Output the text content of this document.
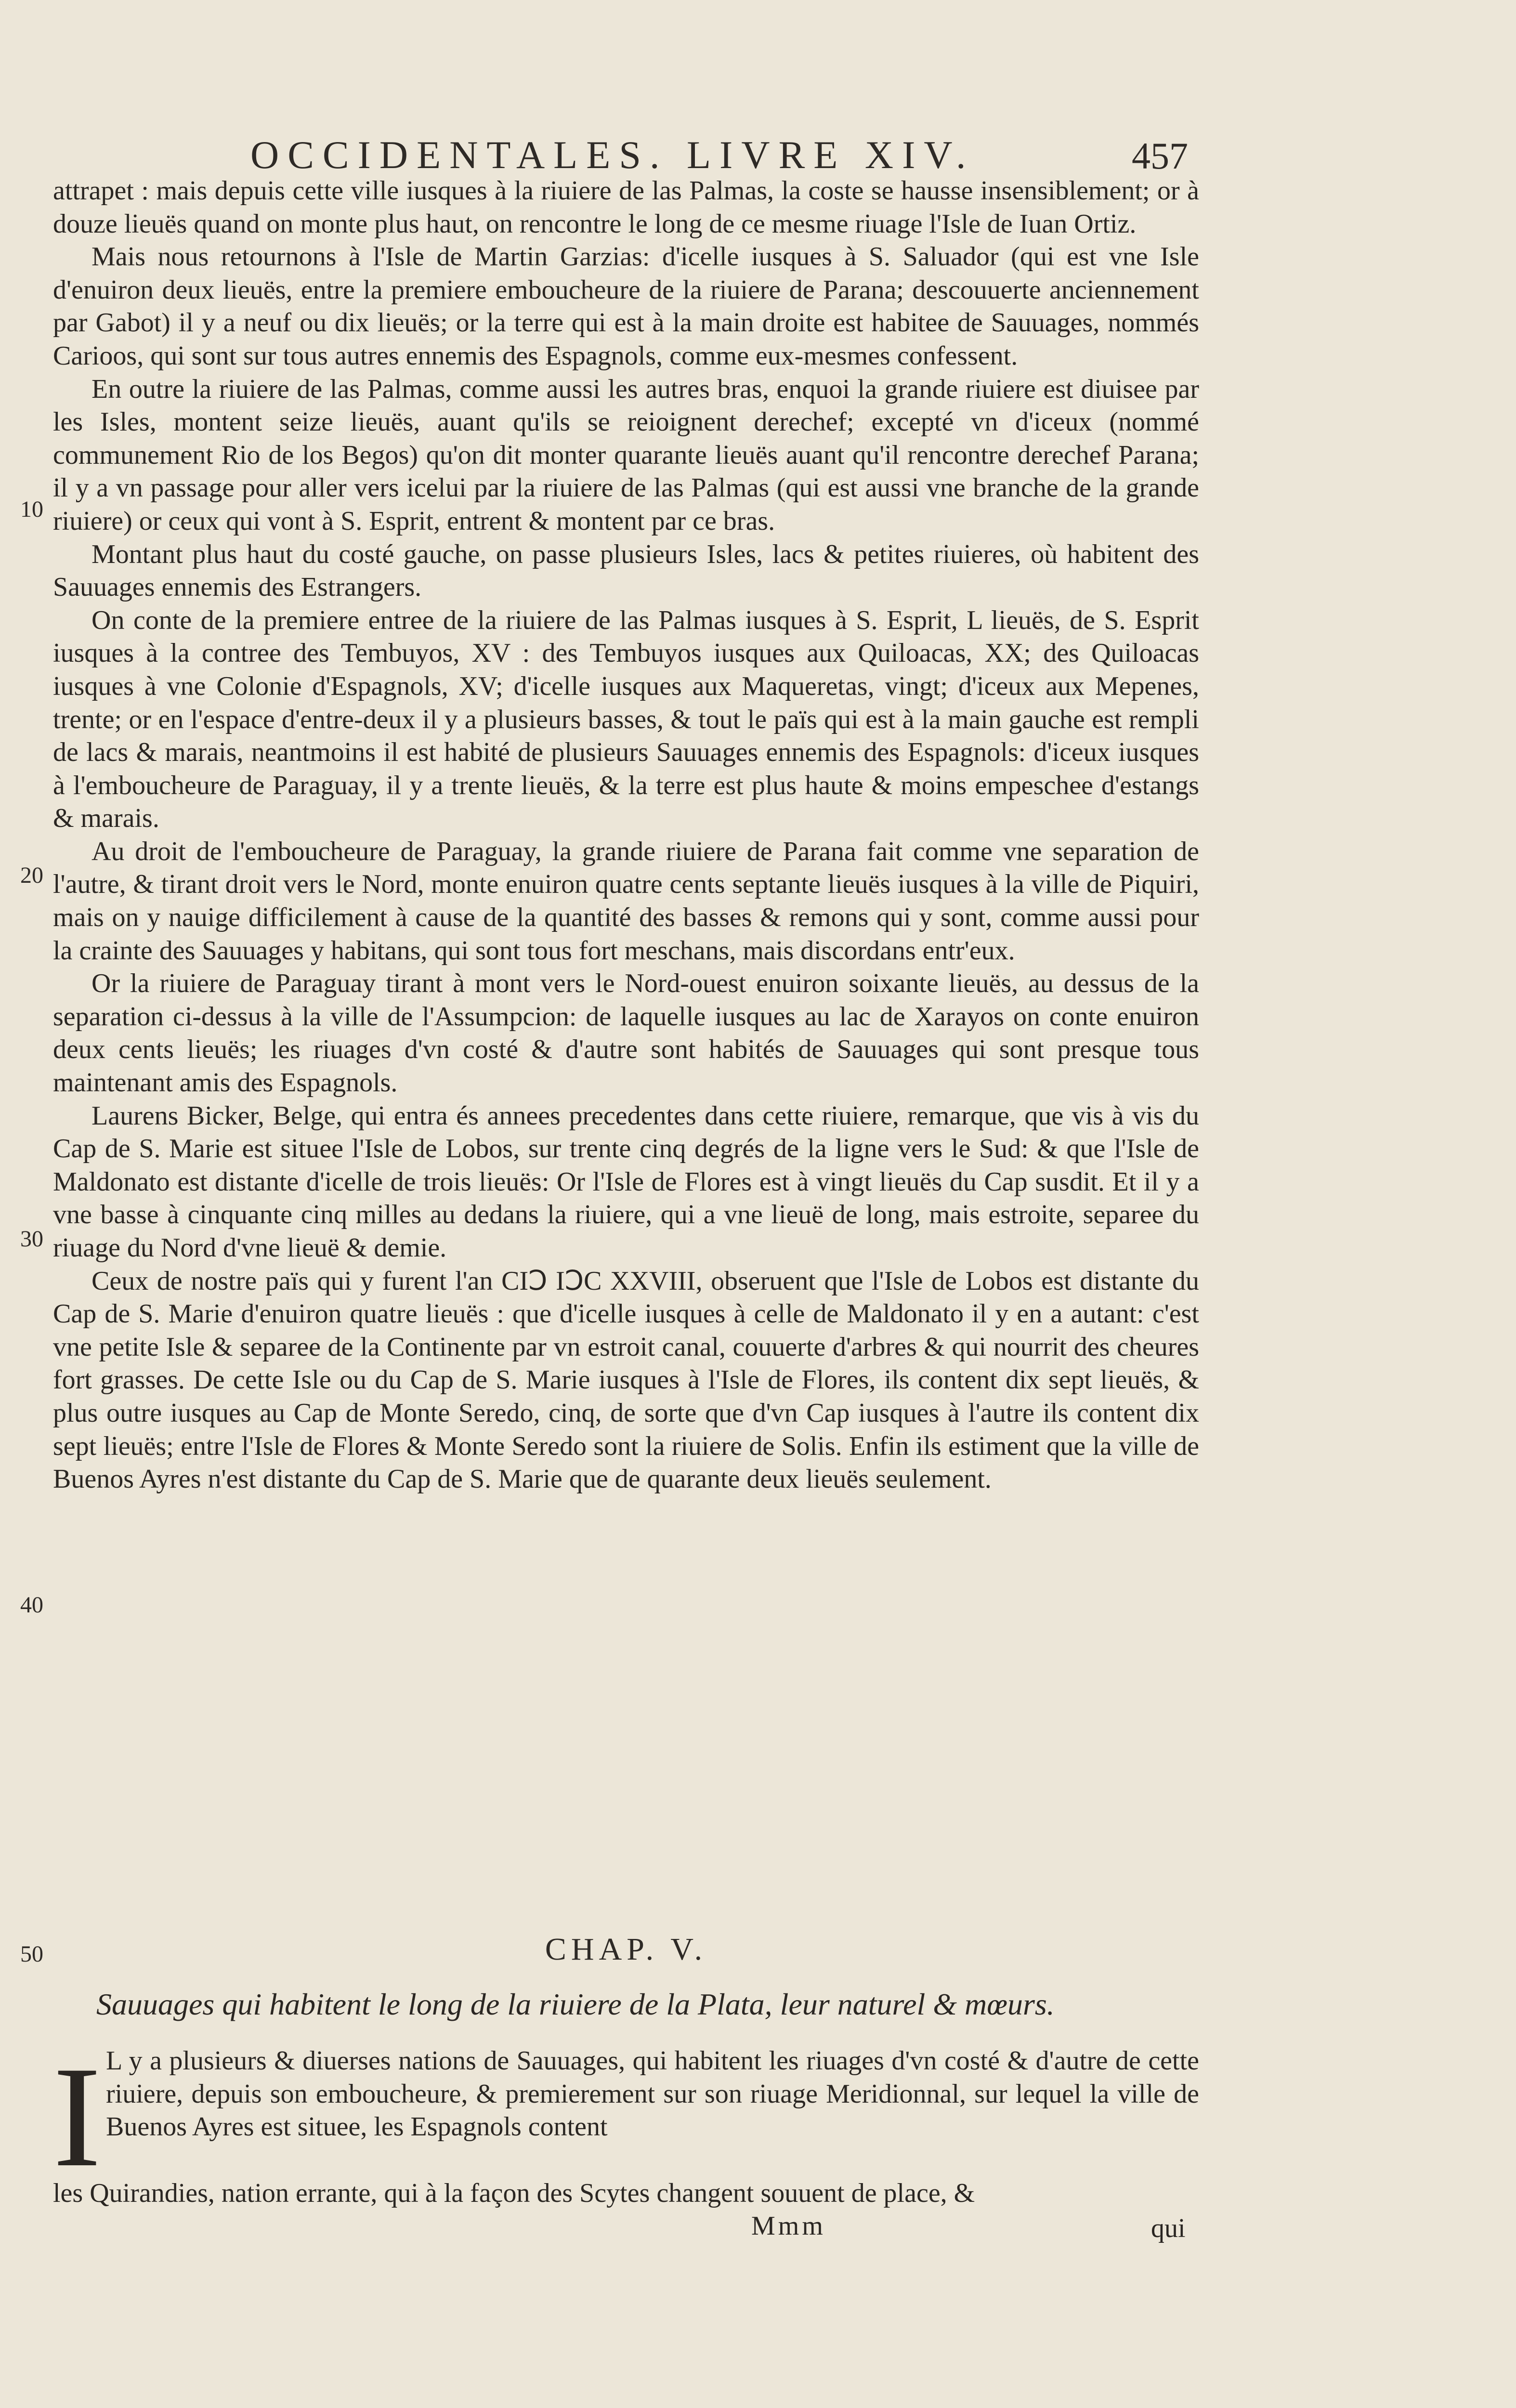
OCCIDENTALES. LIVRE XIV.	457

attrapet : mais depuis cette ville iusques à la riuiere de las Palmas, la coste se hausse insensiblement; or à douze lieuës quand on monte plus haut, on rencontre le long de ce mesme riuage l'Isle de Iuan Ortiz.

Mais nous retournons à l'Isle de Martin Garzias: d'icelle iusques à S. Saluador (qui est vne Isle d'enuiron deux lieuës, entre la premiere emboucheure de la riuiere de Parana; descouuerte anciennement par Gabot) il y a neuf ou dix lieuës; or la terre qui est à la main droite est habitee de Sauuages, nommés Carioos, qui sont sur tous autres ennemis des Espagnols, comme eux-mesmes confessent.

En outre la riuiere de las Palmas, comme aussi les autres bras, enquoi la grande riuiere est diuisee par les Isles, montent seize lieuës, auant qu'ils se reioignent derechef; excepté vn d'iceux (nommé communement Rio de los Begos) qu'on dit monter quarante lieuës auant qu'il rencontre derechef Parana; il y a vn passage pour aller vers icelui par la riuiere de las Palmas (qui est aussi vne branche de la grande riuiere) or ceux qui vont à S. Esprit, entrent & montent par ce bras.

Montant plus haut du costé gauche, on passe plusieurs Isles, lacs & petites riuieres, où habitent des Sauuages ennemis des Estrangers.

On conte de la premiere entree de la riuiere de las Palmas iusques à S. Esprit, L lieuës, de S. Esprit iusques à la contree des Tembuyos, XV : des Tembuyos iusques aux Quiloacas, XX; des Quiloacas iusques à vne Colonie d'Espagnols, XV; d'icelle iusques aux Maqueretas, vingt; d'iceux aux Mepenes, trente; or en l'espace d'entre-deux il y a plusieurs basses, & tout le païs qui est à la main gauche est rempli de lacs & marais, neantmoins il est habité de plusieurs Sauuages ennemis des Espagnols: d'iceux iusques à l'emboucheure de Paraguay, il y a trente lieuës, & la terre est plus haute & moins empeschee d'estangs & marais.

Au droit de l'emboucheure de Paraguay, la grande riuiere de Parana fait comme vne separation de l'autre, & tirant droit vers le Nord, monte enuiron quatre cents septante lieuës iusques à la ville de Piquiri, mais on y nauige difficilement à cause de la quantité des basses & remons qui y sont, comme aussi pour la crainte des Sauuages y habitans, qui sont tous fort meschans, mais discordans entr'eux.

Or la riuiere de Paraguay tirant à mont vers le Nord-ouest enuiron soixante lieuës, au dessus de la separation ci-dessus à la ville de l'Assumpcion: de laquelle iusques au lac de Xarayos on conte enuiron deux cents lieuës; les riuages d'vn costé & d'autre sont habités de Sauuages qui sont presque tous maintenant amis des Espagnols.

Laurens Bicker, Belge, qui entra és annees precedentes dans cette riuiere, remarque, que vis à vis du Cap de S. Marie est situee l'Isle de Lobos, sur trente cinq degrés de la ligne vers le Sud: & que l'Isle de Maldonato est distante d'icelle de trois lieuës: Or l'Isle de Flores est à vingt lieuës du Cap susdit. Et il y a vne basse à cinquante cinq milles au dedans la riuiere, qui a vne lieuë de long, mais estroite, separee du riuage du Nord d'vne lieuë & demie.

Ceux de nostre païs qui y furent l'an CIↃ IↃC XXVIII, obseruent que l'Isle de Lobos est distante du Cap de S. Marie d'enuiron quatre lieuës : que d'icelle iusques à celle de Maldonato il y en a autant: c'est vne petite Isle & separee de la Continente par vn estroit canal, couuerte d'arbres & qui nourrit des cheures fort grasses. De cette Isle ou du Cap de S. Marie iusques à l'Isle de Flores, ils content dix sept lieuës, & plus outre iusques au Cap de Monte Seredo, cinq, de sorte que d'vn Cap iusques à l'autre ils content dix sept lieuës; entre l'Isle de Flores & Monte Seredo sont la riuiere de Solis. Enfin ils estiment que la ville de Buenos Ayres n'est distante du Cap de S. Marie que de quarante deux lieuës seulement.

10
20
30
40
50	CHAP. V.
Sauuages qui habitent le long de la riuiere de la Plata, leur naturel & mœurs.
I L y a plusieurs & diuerses nations de Sauuages, qui habitent les riuages d'vn costé & d'autre de cette riuiere, depuis son emboucheure, & premierement sur son riuage Meridionnal, sur lequel la ville de Buenos Ayres est situee, les Espagnols content
les Quirandies, nation errante, qui à la façon des Scytes changent souuent de place, &
Mmm	qui
